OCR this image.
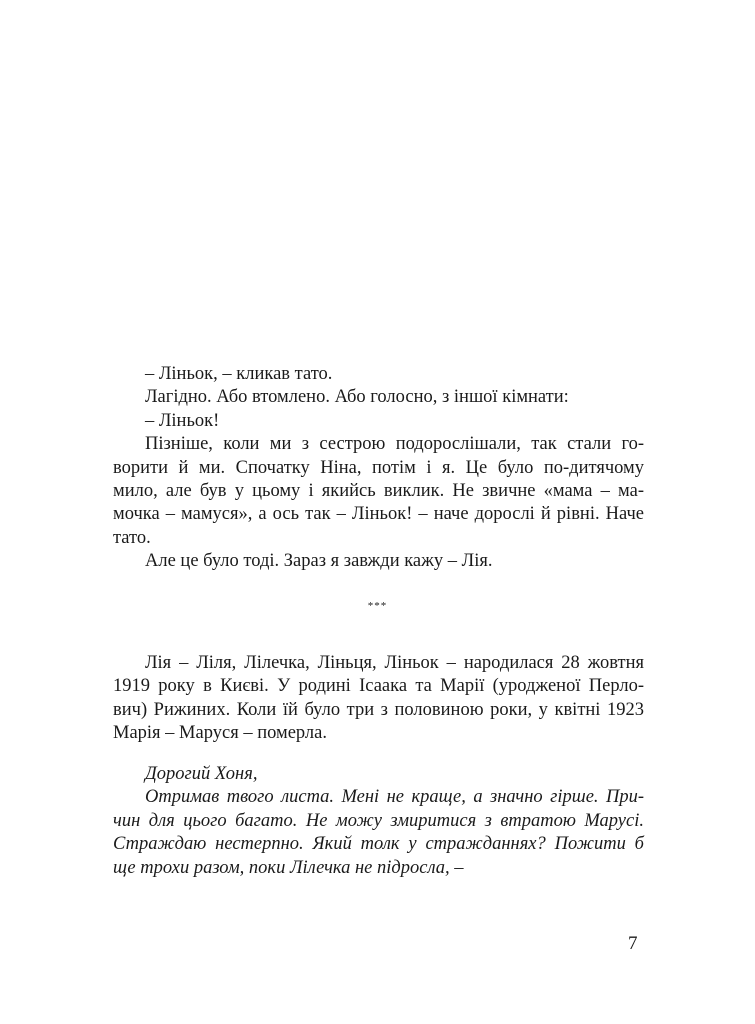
– Ліньок, – кликав тато.
Лагідно. Або втомлено. Або голосно, з іншої кімнати:
– Ліньок!
Пізніше, коли ми з сестрою подорослішали, так стали го-
ворити й ми. Спочатку Ніна, потім і я. Це було по-дитячому
мило, але був у цьому і якийсь виклик. Не звичне «мама – ма-
мочка – мамуся», а ось так – Ліньок! – наче дорослі й рівні. Наче
тато.
Але це було тоді. Зараз я завжди кажу – Лія.
***
Лія – Ліля, Лілечка, Ліньця, Ліньок – народилася 28 жовтня
1919 року в Києві. У родині Ісаака та Марії (уродженої Перло-
вич) Рижиних. Коли їй було три з половиною роки, у квітні 1923
Марія – Маруся – померла.
Дорогий Хоня,
Отримав твого листа. Мені не краще, а значно гірше. При-
чин для цього багато. Не можу змиритися з втратою Марусі.
Страждаю нестерпно. Який толк у стражданнях? Пожити б
ще трохи разом, поки Лілечка не підросла, –
7
